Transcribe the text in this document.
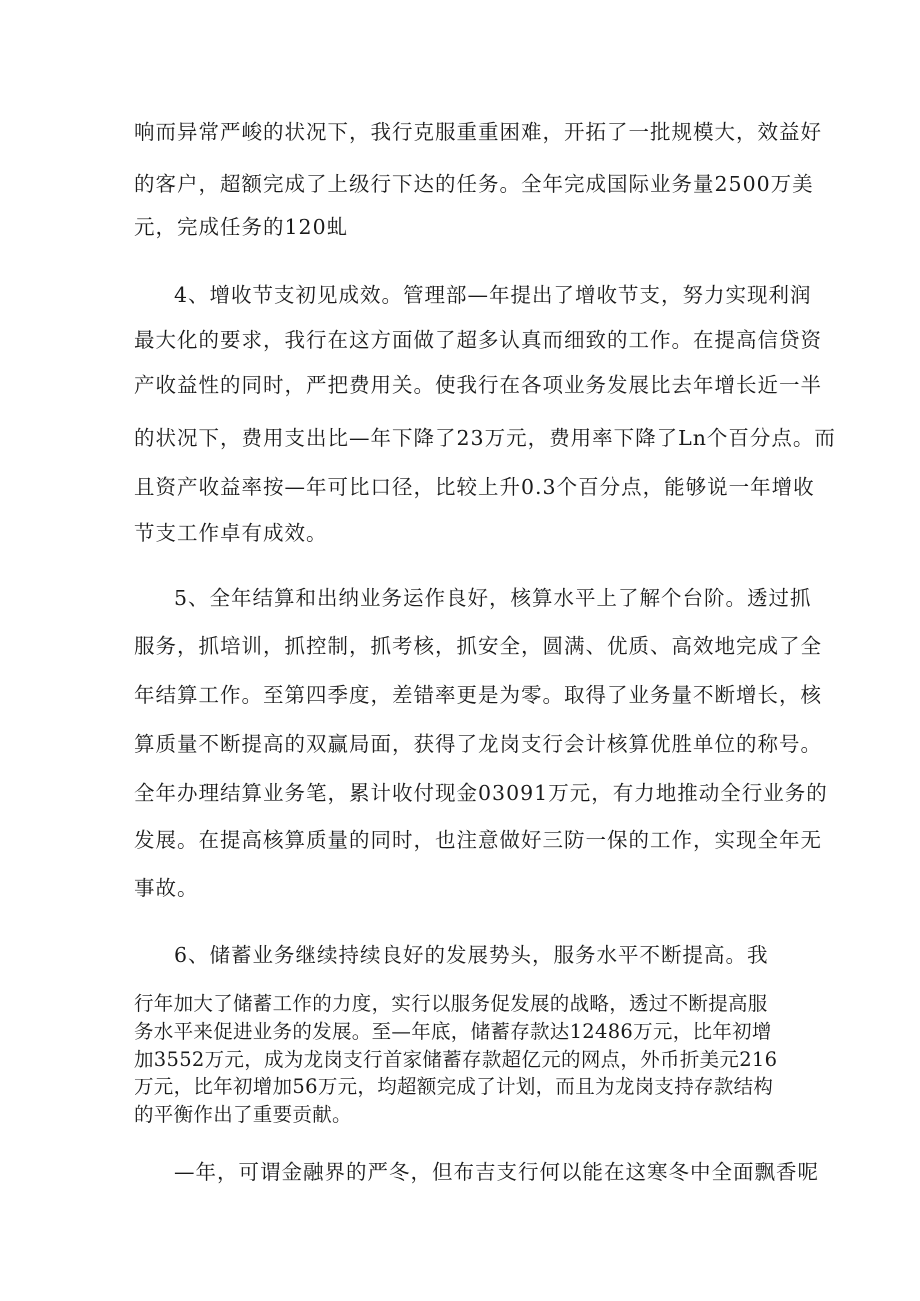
响而异常严峻的状况下，我行克服重重困难，开拓了一批规模大，效益好
的客户，超额完成了上级行下达的任务。全年完成国际业务量2500万美
元，完成任务的120虬
4、增收节支初见成效。管理部—年提出了增收节支，努力实现利润
最大化的要求，我行在这方面做了超多认真而细致的工作。在提高信贷资
产收益性的同时，严把费用关。使我行在各项业务发展比去年增长近一半
的状况下，费用支出比—年下降了23万元，费用率下降了Ln个百分点。而
且资产收益率按—年可比口径，比较上升0.3个百分点，能够说一年增收
节支工作卓有成效。
5、全年结算和出纳业务运作良好，核算水平上了解个台阶。透过抓
服务，抓培训，抓控制，抓考核，抓安全，圆满、优质、高效地完成了全
年结算工作。至第四季度，差错率更是为零。取得了业务量不断增长，核
算质量不断提高的双赢局面，获得了龙岗支行会计核算优胜单位的称号。
全年办理结算业务笔，累计收付现金03091万元，有力地推动全行业务的
发展。在提高核算质量的同时，也注意做好三防一保的工作，实现全年无
事故。
6、储蓄业务继续持续良好的发展势头，服务水平不断提高。我
行年加大了储蓄工作的力度，实行以服务促发展的战略，透过不断提高服
务水平来促进业务的发展。至—年底，储蓄存款达12486万元，比年初增
加3552万元，成为龙岗支行首家储蓄存款超亿元的网点，外币折美元216
万元，比年初增加56万元，均超额完成了计划，而且为龙岗支持存款结构
的平衡作出了重要贡献。
—年，可谓金融界的严冬，但布吉支行何以能在这寒冬中全面飘香呢
